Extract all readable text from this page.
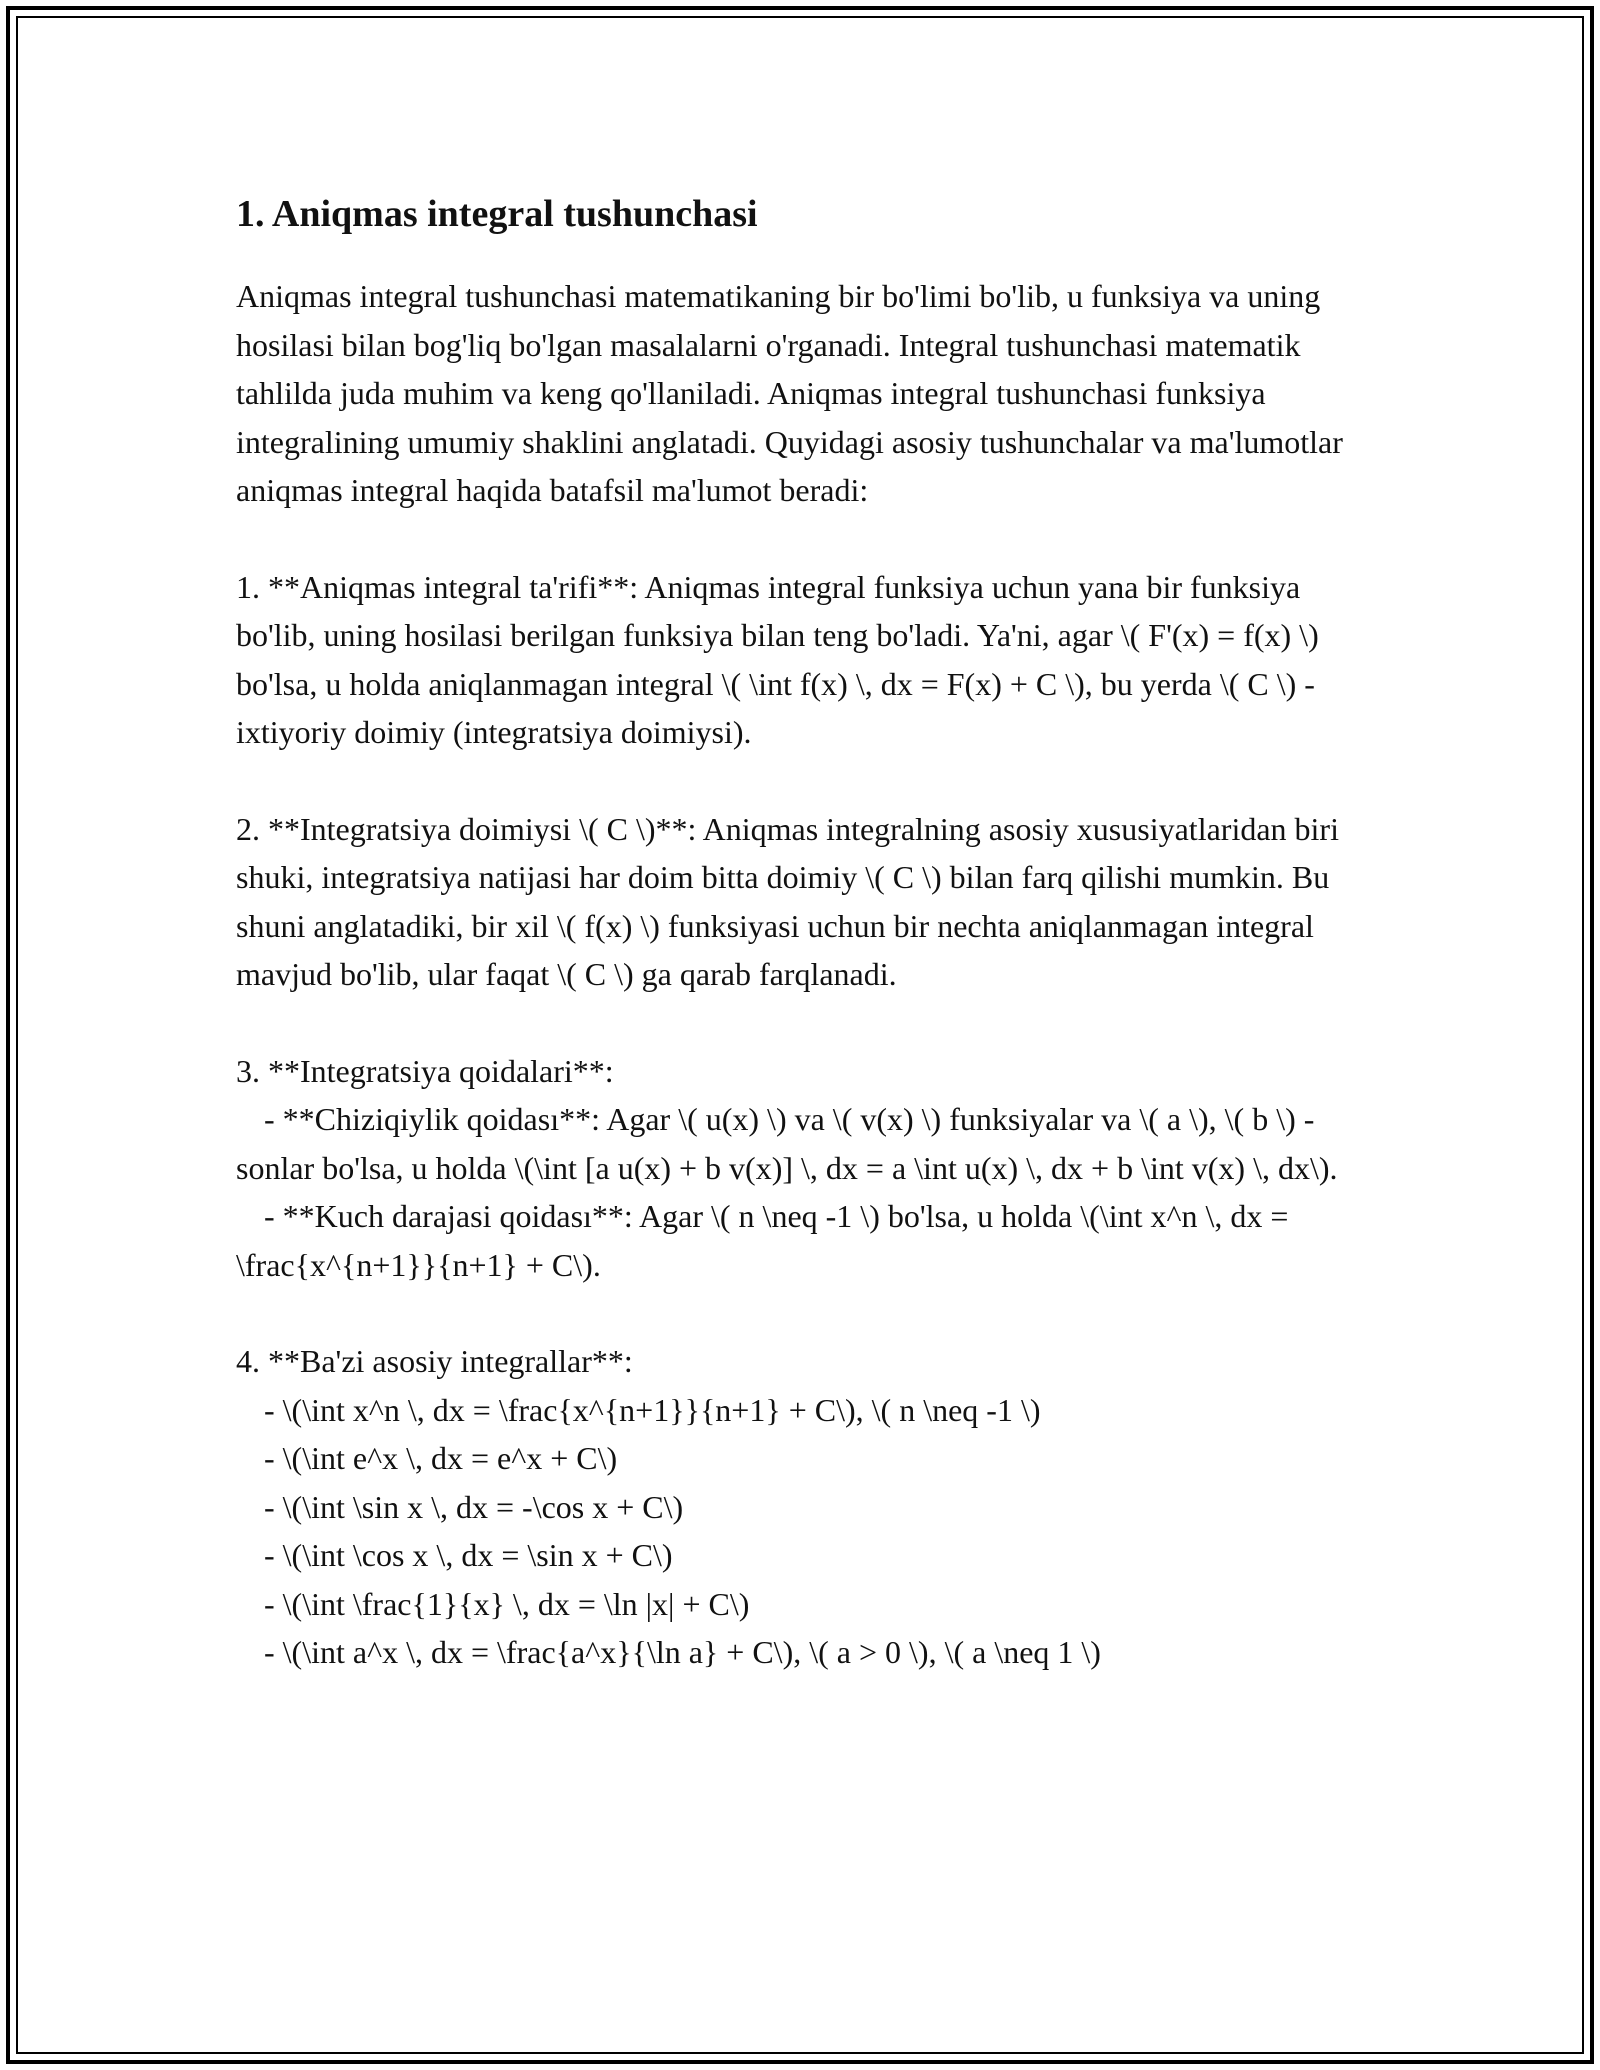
1. Aniqmas integral tushunchasi

Aniqmas integral tushunchasi matematikaning bir bo'limi bo'lib, u funksiya va uning hosilasi bilan bog'liq bo'lgan masalalarni o'rganadi. Integral tushunchasi matematik tahlilda juda muhim va keng qo'llaniladi. Aniqmas integral tushunchasi funksiya integralining umumiy shaklini anglatadi. Quyidagi asosiy tushunchalar va ma'lumotlar aniqmas integral haqida batafsil ma'lumot beradi:

1. **Aniqmas integral ta'rifi**: Aniqmas integral funksiya uchun yana bir funksiya bo'lib, uning hosilasi berilgan funksiya bilan teng bo'ladi. Ya'ni, agar \( F'(x) = f(x) \) bo'lsa, u holda aniqlanmagan integral \( \int f(x) \, dx = F(x) + C \), bu yerda \( C \) - ixtiyoriy doimiy (integratsiya doimiysi).

2. **Integratsiya doimiysi \( C \)**: Aniqmas integralning asosiy xususiyatlaridan biri shuki, integratsiya natijasi har doim bitta doimiy \( C \) bilan farq qilishi mumkin. Bu shuni anglatadiki, bir xil \( f(x) \) funksiyasi uchun bir nechta aniqlanmagan integral mavjud bo'lib, ular faqat \( C \) ga qarab farqlanadi.

3. **Integratsiya qoidalari**:
- **Chiziqiylik qoidası**: Agar \( u(x) \) va \( v(x) \) funksiyalar va \( a \), \( b \) - sonlar bo'lsa, u holda \(\int [a u(x) + b v(x)] \, dx = a \int u(x) \, dx + b \int v(x) \, dx\).
- **Kuch darajasi qoidası**: Agar \( n \neq -1 \) bo'lsa, u holda \(\int x^n \, dx = \frac{x^{n+1}}{n+1} + C\).
4. **Ba'zi asosiy integrallar**:
- \(\int x^n \, dx = \frac{x^{n+1}}{n+1} + C\), \( n \neq -1 \)
- \(\int e^x \, dx = e^x + C\)
- \(\int \sin x \, dx = -\cos x + C\)
- \(\int \cos x \, dx = \sin x + C\)
- \(\int \frac{1}{x} \, dx = \ln |x| + C\)
- \(\int a^x \, dx = \frac{a^x}{\ln a} + C\), \( a > 0 \), \( a \neq 1 \)
